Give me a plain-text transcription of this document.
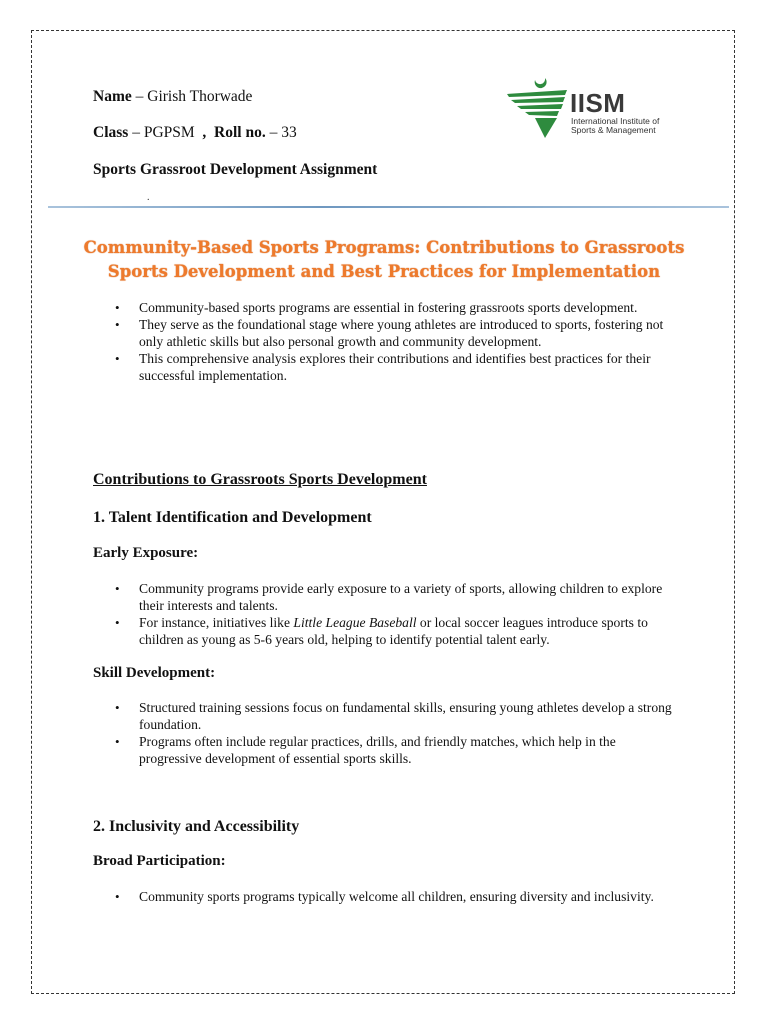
Name – Girish Thorwade
Class – PGPSM  ,  Roll no. – 33
Sports Grassroot Development Assignment
IISM
International Institute of
Sports & Management
.
Community-Based Sports Programs: Contributions to Grassroots
Sports Development and Best Practices for Implementation
• Community-based sports programs are essential in fostering grassroots sports development.
• They serve as the foundational stage where young athletes are introduced to sports, fostering not only athletic skills but also personal growth and community development.
• This comprehensive analysis explores their contributions and identifies best practices for their successful implementation.
Contributions to Grassroots Sports Development
1. Talent Identification and Development
Early Exposure:
• Community programs provide early exposure to a variety of sports, allowing children to explore their interests and talents.
• For instance, initiatives like Little League Baseball or local soccer leagues introduce sports to children as young as 5-6 years old, helping to identify potential talent early.
Skill Development:
• Structured training sessions focus on fundamental skills, ensuring young athletes develop a strong foundation.
• Programs often include regular practices, drills, and friendly matches, which help in the progressive development of essential sports skills.
2. Inclusivity and Accessibility
Broad Participation:
• Community sports programs typically welcome all children, ensuring diversity and inclusivity.
